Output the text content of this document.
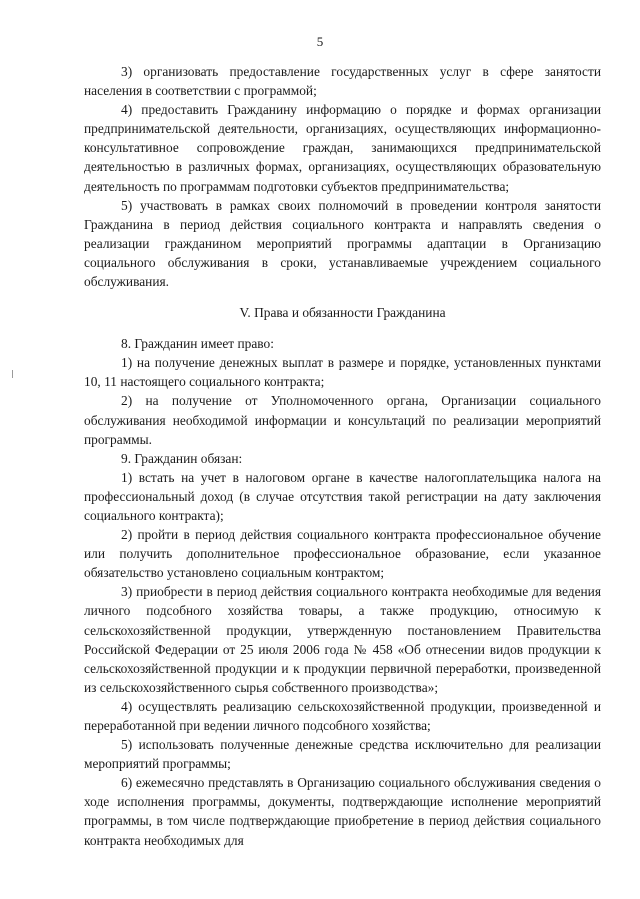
5

3) организовать предоставление государственных услуг в сфере занятости населения в соответствии с программой;

4) предоставить Гражданину информацию о порядке и формах организации предпринимательской деятельности, организациях, осуществляющих информационно-консультативное сопровождение граждан, занимающихся предпринимательской деятельностью в различных формах, организациях, осуществляющих образовательную деятельность по программам подготовки субъектов предпринимательства;

5) участвовать в рамках своих полномочий в проведении контроля занятости Гражданина в период действия социального контракта и направлять сведения о реализации гражданином мероприятий программы адаптации в Организацию социального обслуживания в сроки, устанавливаемые учреждением социального обслуживания.

V. Права и обязанности Гражданина

8. Гражданин имеет право:

1) на получение денежных выплат в размере и порядке, установленных пунктами 10, 11 настоящего социального контракта;

2) на получение от Уполномоченного органа, Организации социального обслуживания необходимой информации и консультаций по реализации мероприятий программы.

9. Гражданин обязан:

1) встать на учет в налоговом органе в качестве налогоплательщика налога на профессиональный доход (в случае отсутствия такой регистрации на дату заключения социального контракта);

2) пройти в период действия социального контракта профессиональное обучение или получить дополнительное профессиональное образование, если указанное обязательство установлено социальным контрактом;

3) приобрести в период действия социального контракта необходимые для ведения личного подсобного хозяйства товары, а также продукцию, относимую к сельскохозяйственной продукции, утвержденную постановлением Правительства Российской Федерации от 25 июля 2006 года № 458 «Об отнесении видов продукции к сельскохозяйственной продукции и к продукции первичной переработки, произведенной из сельскохозяйственного сырья собственного производства»;

4) осуществлять реализацию сельскохозяйственной продукции, произведенной и переработанной при ведении личного подсобного хозяйства;

5) использовать полученные денежные средства исключительно для реализации мероприятий программы;

6) ежемесячно представлять в Организацию социального обслуживания сведения о ходе исполнения программы, документы, подтверждающие исполнение мероприятий программы, в том числе подтверждающие приобретение в период действия социального контракта необходимых для
